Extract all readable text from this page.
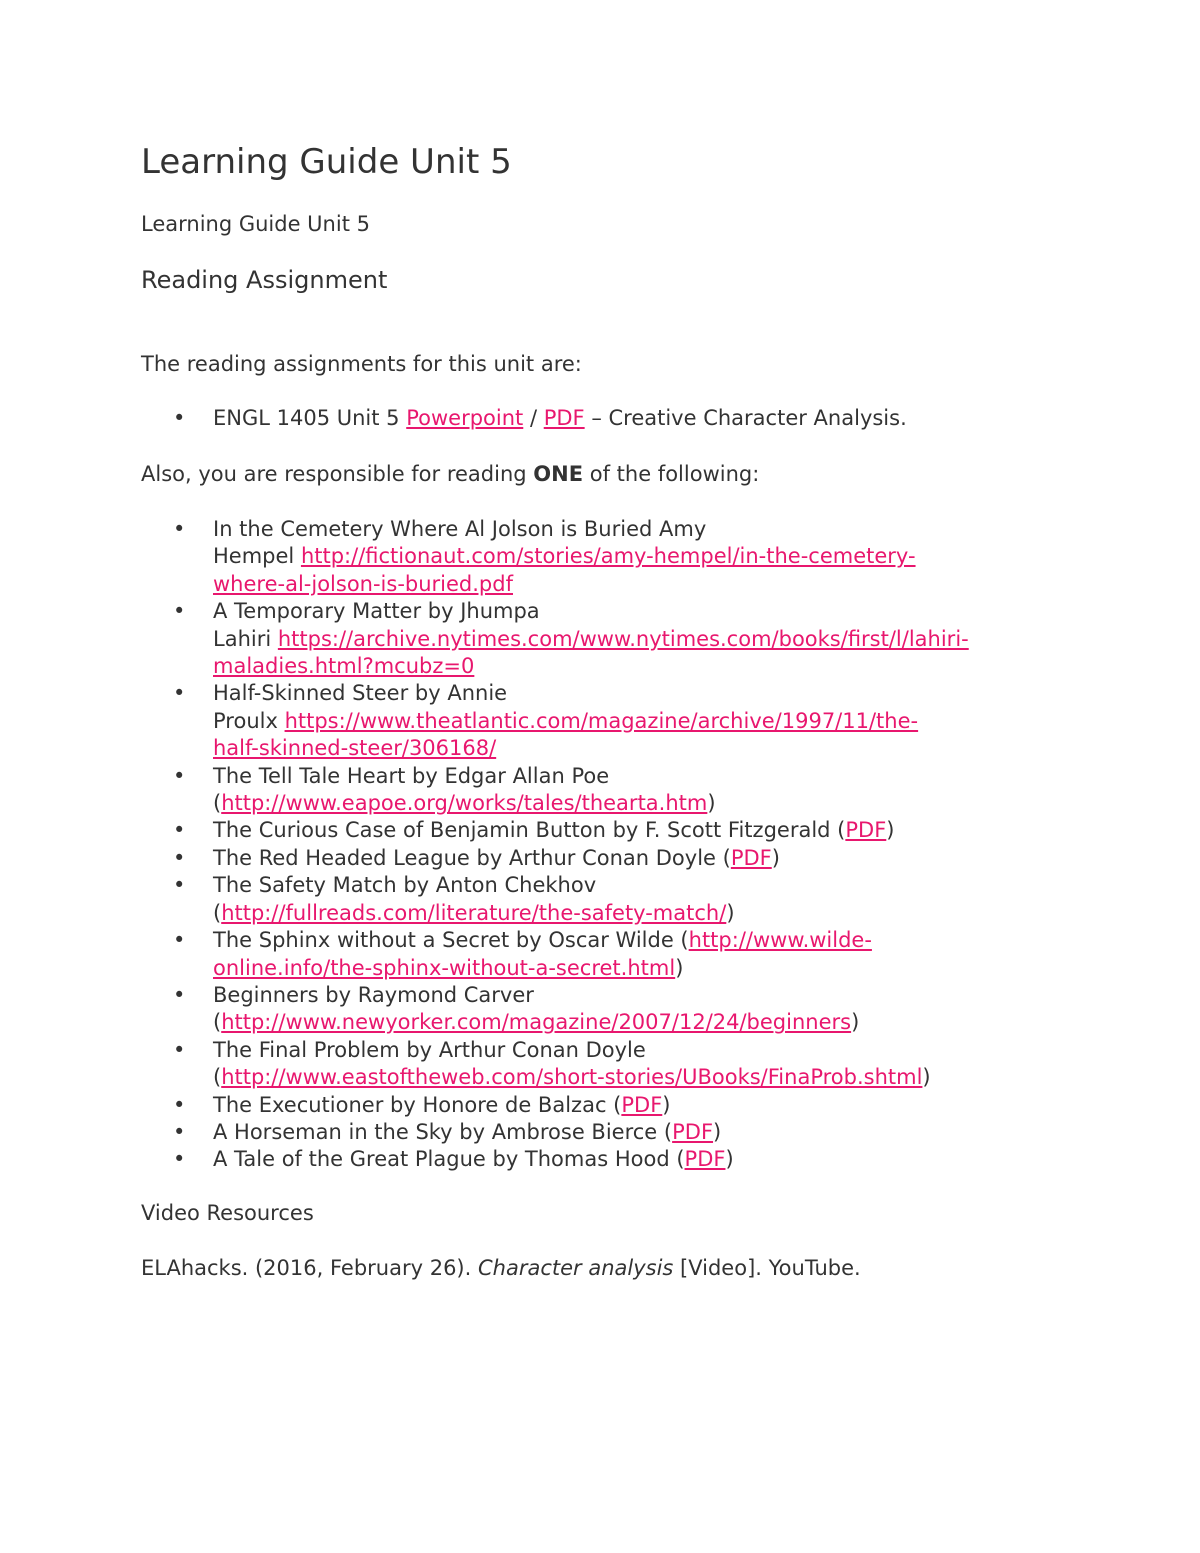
Learning Guide Unit 5

Learning Guide Unit 5

Reading Assignment

The reading assignments for this unit are:

• ENGL 1405 Unit 5 Powerpoint / PDF – Creative Character Analysis.

Also, you are responsible for reading ONE of the following:

• In the Cemetery Where Al Jolson is Buried Amy
Hempel http://fictionaut.com/stories/amy-hempel/in-the-cemetery-
where-al-jolson-is-buried.pdf
• A Temporary Matter by Jhumpa
Lahiri https://archive.nytimes.com/www.nytimes.com/books/first/l/lahiri-
maladies.html?mcubz=0
• Half-Skinned Steer by Annie
Proulx https://www.theatlantic.com/magazine/archive/1997/11/the-
half-skinned-steer/306168/
• The Tell Tale Heart by Edgar Allan Poe
(http://www.eapoe.org/works/tales/thearta.htm)
• The Curious Case of Benjamin Button by F. Scott Fitzgerald (PDF)
• The Red Headed League by Arthur Conan Doyle (PDF)
• The Safety Match by Anton Chekhov
(http://fullreads.com/literature/the-safety-match/)
• The Sphinx without a Secret by Oscar Wilde (http://www.wilde-
online.info/the-sphinx-without-a-secret.html)
• Beginners by Raymond Carver
(http://www.newyorker.com/magazine/2007/12/24/beginners)
• The Final Problem by Arthur Conan Doyle
(http://www.eastoftheweb.com/short-stories/UBooks/FinaProb.shtml)
• The Executioner by Honore de Balzac (PDF)
• A Horseman in the Sky by Ambrose Bierce (PDF)
• A Tale of the Great Plague by Thomas Hood (PDF)

Video Resources

ELAhacks. (2016, February 26). Character analysis [Video]. YouTube.
